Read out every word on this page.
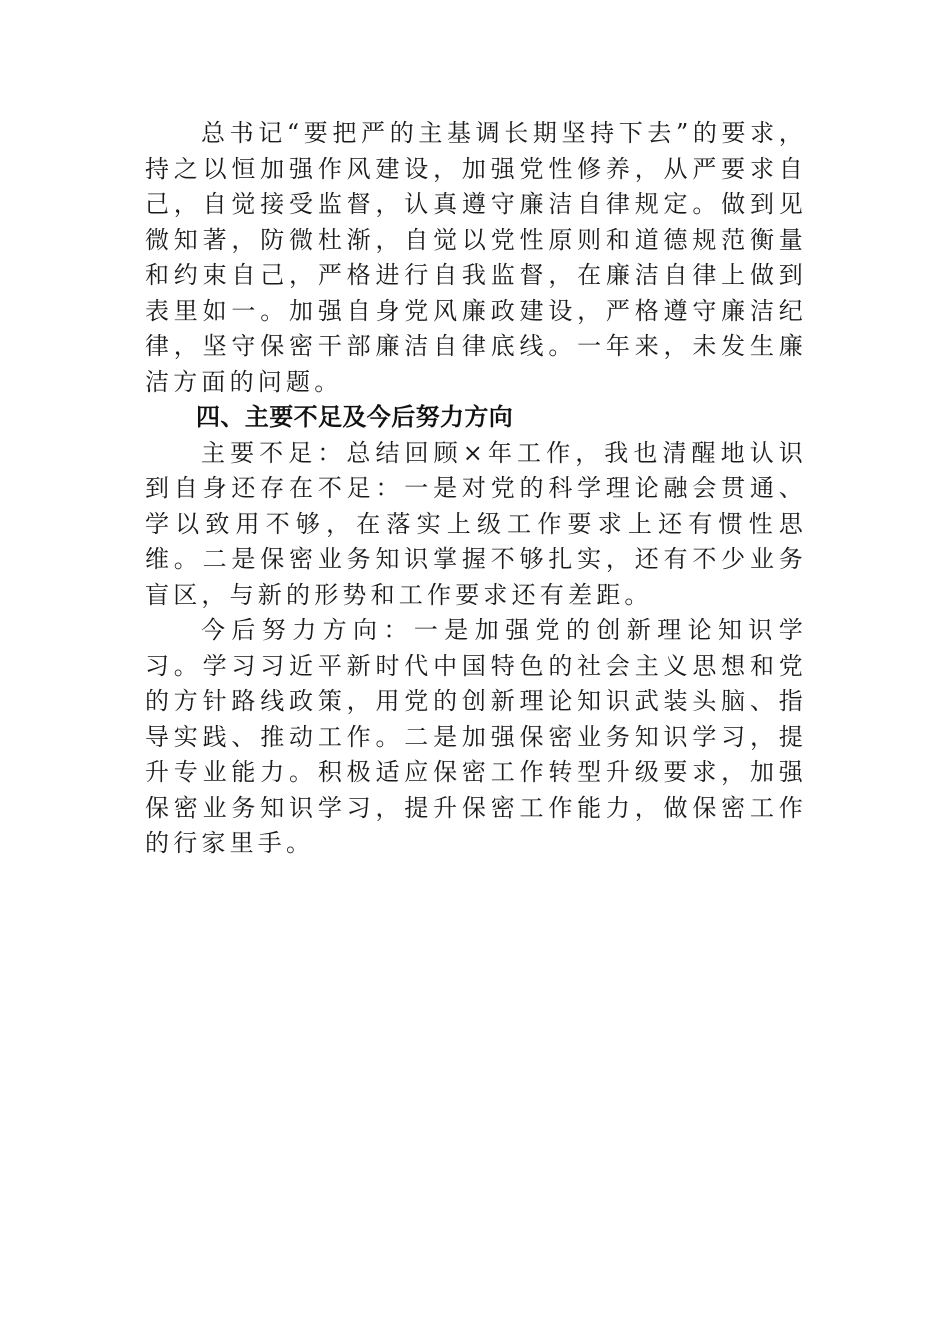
总书记“要把严的主基调长期坚持下去”的要求，持之以恒加强作风建设，加强党性修养，从严要求自己，自觉接受监督，认真遵守廉洁自律规定。做到见微知著，防微杜渐，自觉以党性原则和道德规范衡量和约束自己，严格进行自我监督，在廉洁自律上做到表里如一。加强自身党风廉政建设，严格遵守廉洁纪律，坚守保密干部廉洁自律底线。一年来，未发生廉洁方面的问题。

四、主要不足及今后努力方向

主要不足：总结回顾×年工作，我也清醒地认识到自身还存在不足：一是对党的科学理论融会贯通、学以致用不够，在落实上级工作要求上还有惯性思维。二是保密业务知识掌握不够扎实，还有不少业务盲区，与新的形势和工作要求还有差距。

今后努力方向：一是加强党的创新理论知识学习。学习习近平新时代中国特色的社会主义思想和党的方针路线政策，用党的创新理论知识武装头脑、指导实践、推动工作。二是加强保密业务知识学习，提升专业能力。积极适应保密工作转型升级要求，加强保密业务知识学习，提升保密工作能力，做保密工作的行家里手。
